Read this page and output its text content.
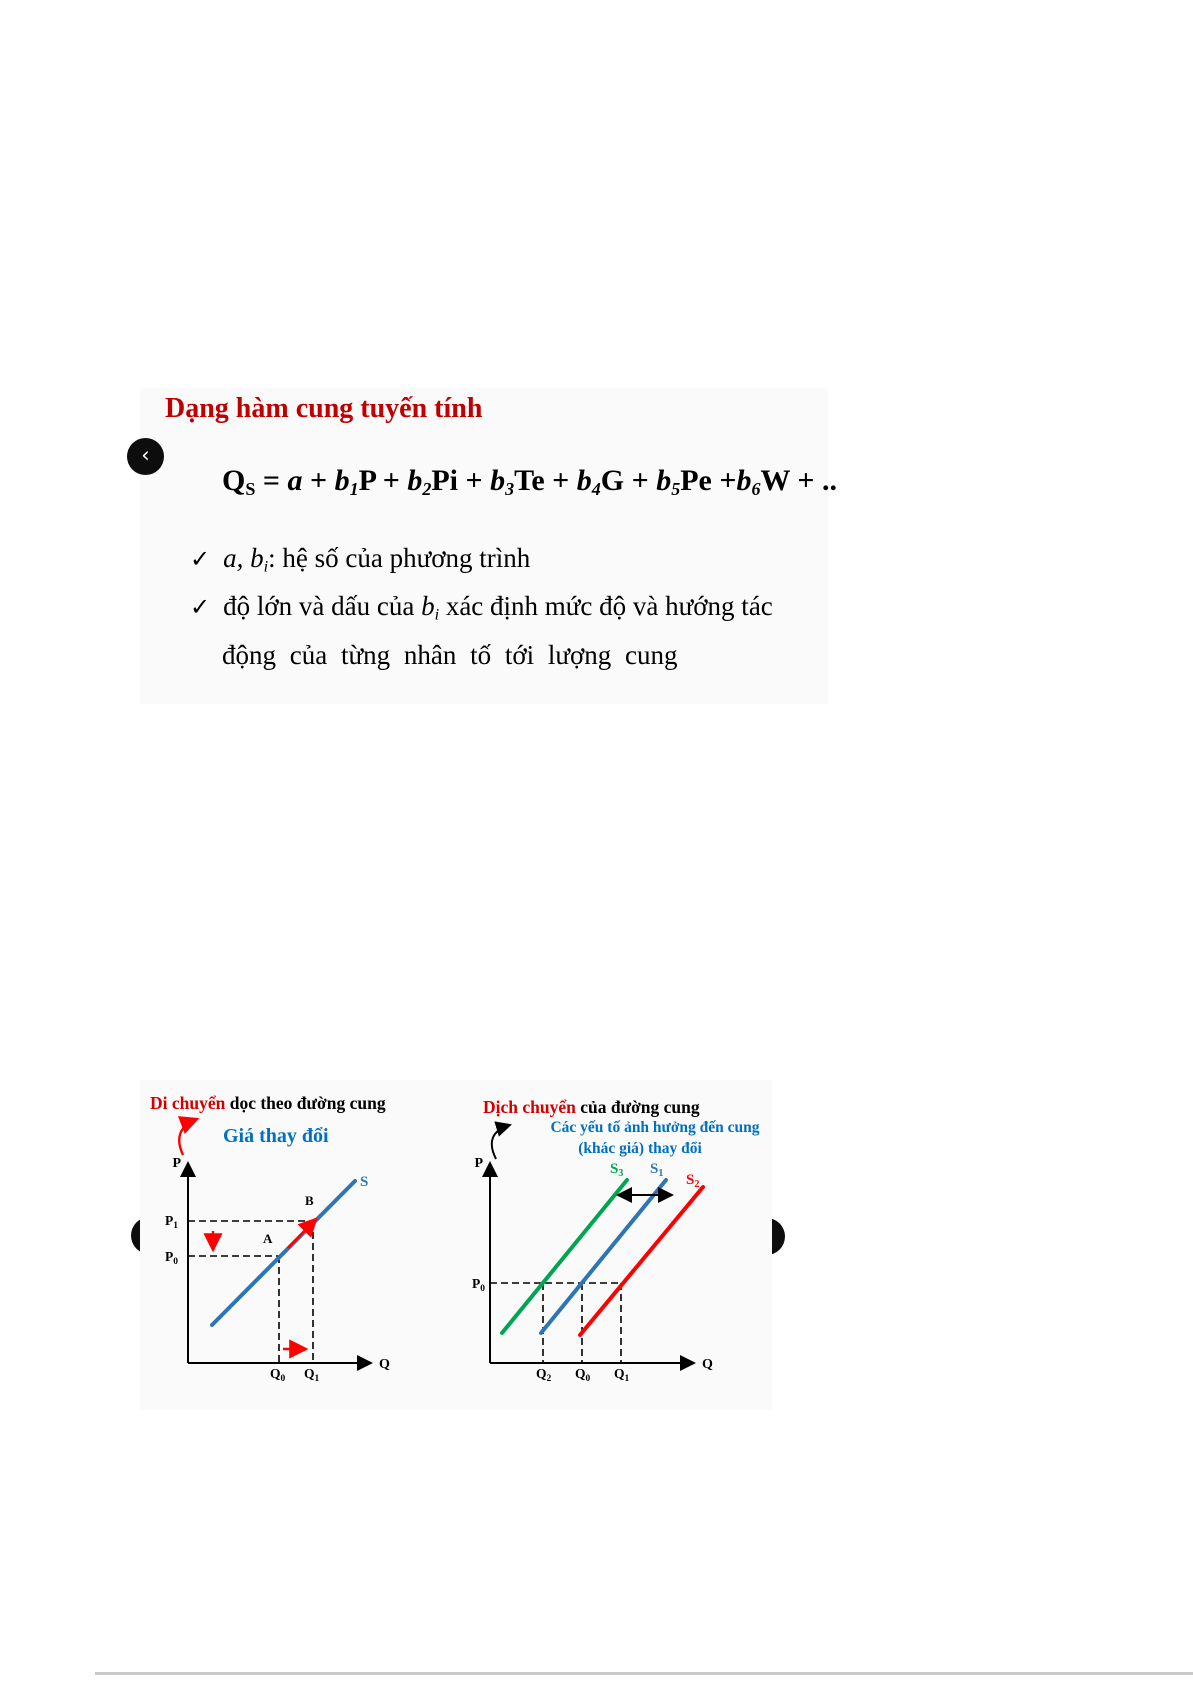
Dạng hàm cung tuyến tính
QS = a + b1P + b2Pi + b3Te + b4G + b5Pe +b6W + ..
✓ a, bi: hệ số của phương trình
✓ độ lớn và dấu của bi xác định mức độ và hướng tác
động của từng nhân tố tới lượng cung
‹
Di chuyển dọc theo đường cung
Giá thay đổi
P
Q
S
A
B
$P_1$
$P_0$
$Q_0$ $Q_1$
Dịch chuyển của đường cung
Các yếu tố ảnh hưởng đến cung
(khác giá) thay đổi
P
Q
$S_3$ $S_1$ $S_2$
$P_0$
$Q_2$ $Q_0$ $Q_1$
